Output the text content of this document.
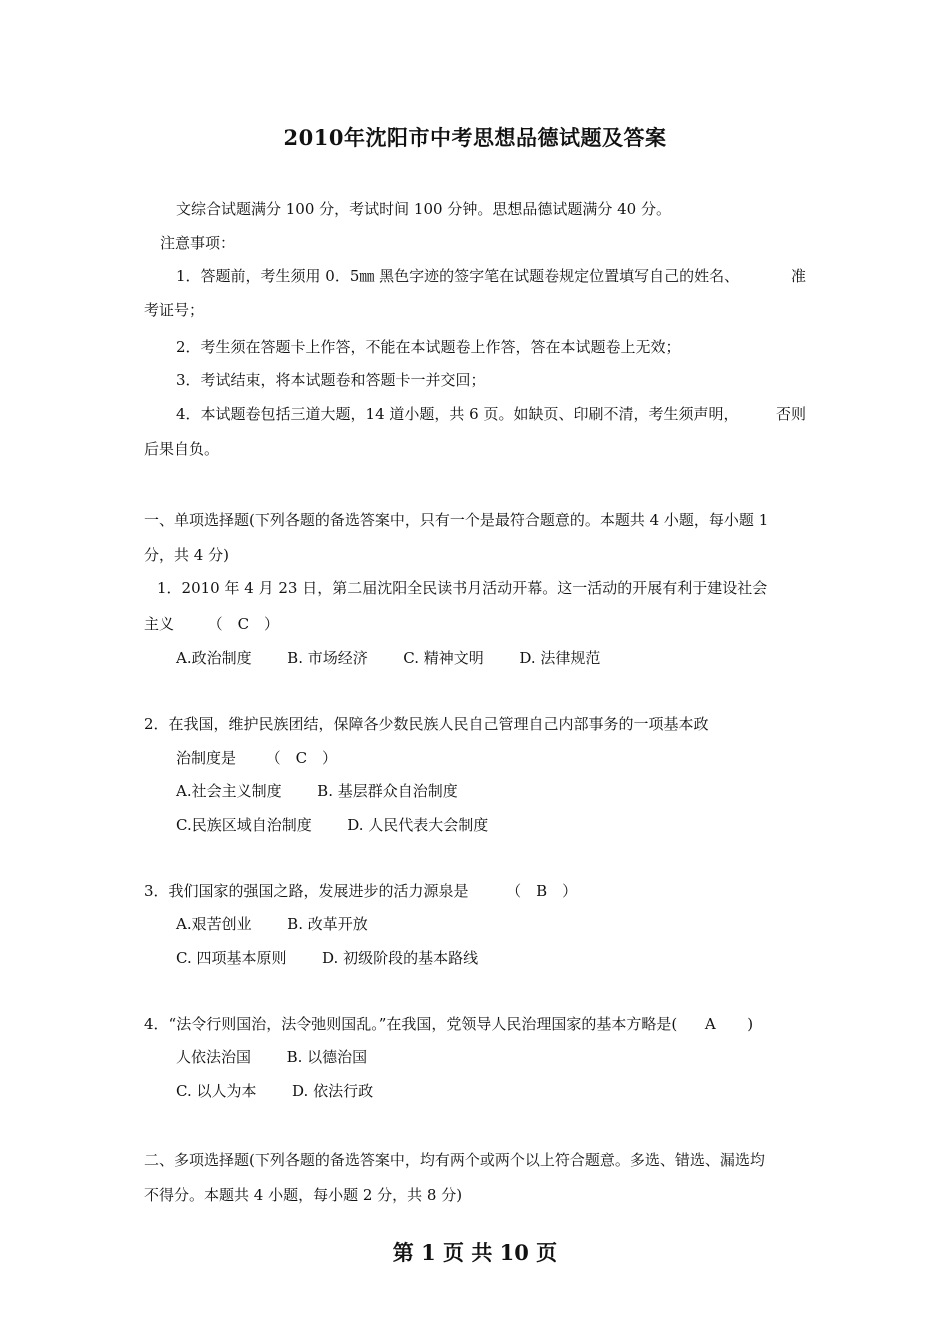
2010年沈阳市中考思想品德试题及答案
文综合试题满分 100 分，考试时间 100 分钟。思想品德试题满分 40 分。
注意事项：
1．答题前，考生须用 0．5㎜ 黑色字迹的签字笔在试题卷规定位置填写自己的姓名、	准
考证号；
2．考生须在答题卡上作答，不能在本试题卷上作答，答在本试题卷上无效；
3．考试结束，将本试题卷和答题卡一并交回；
4．本试题卷包括三道大题，14 道小题，共 6 页。如缺页、印刷不清，考生须声明，	否则
后果自负。
一、单项选择题(下列各题的备选答案中，只有一个是最符合题意的。本题共 4 小题，每小题 1
分，共 4 分)
1．2010 年 4 月 23 日，第二届沈阳全民读书月活动开幕。这一活动的开展有利于建设社会
主义 （　C　）
A.政治制度 B. 市场经济 C. 精神文明 D. 法律规范
2．在我国，维护民族团结，保障各少数民族人民自己管理自己内部事务的一项基本政
治制度是 （　C　）
A.社会主义制度 B. 基层群众自治制度
C.民族区域自治制度 D. 人民代表大会制度
3．我们国家的强国之路，发展进步的活力源泉是	（　B　）
A.艰苦创业 B. 改革开放
C. 四项基本原则 D. 初级阶段的基本路线
4．“法令行则国治，法令弛则国乱。”在我国，党领导人民治理国家的基本方略是( A )
人依法治国 B. 以德治国
C. 以人为本 D. 依法行政
二、多项选择题(下列各题的备选答案中，均有两个或两个以上符合题意。多选、错选、漏选均
不得分。本题共 4 小题，每小题 2 分，共 8 分)
第 1 页 共 10 页
